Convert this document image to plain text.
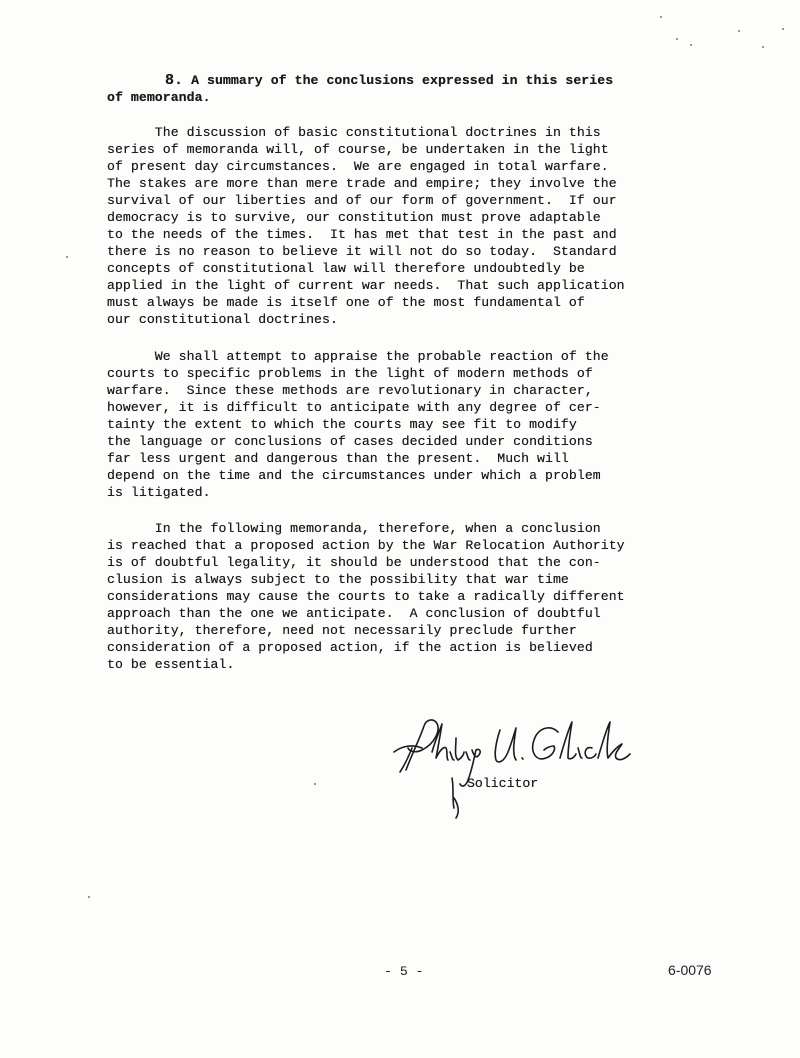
8. A summary of the conclusions expressed in this series
of memoranda.
The discussion of basic constitutional doctrines in this
series of memoranda will, of course, be undertaken in the light
of present day circumstances.  We are engaged in total warfare.
The stakes are more than mere trade and empire; they involve the
survival of our liberties and of our form of government.  If our
democracy is to survive, our constitution must prove adaptable
to the needs of the times.  It has met that test in the past and
there is no reason to believe it will not do so today.  Standard
concepts of constitutional law will therefore undoubtedly be
applied in the light of current war needs.  That such application
must always be made is itself one of the most fundamental of
our constitutional doctrines.
We shall attempt to appraise the probable reaction of the
courts to specific problems in the light of modern methods of
warfare.  Since these methods are revolutionary in character,
however, it is difficult to anticipate with any degree of cer-
tainty the extent to which the courts may see fit to modify
the language or conclusions of cases decided under conditions
far less urgent and dangerous than the present.  Much will
depend on the time and the circumstances under which a problem
is litigated.
In the following memoranda, therefore, when a conclusion
is reached that a proposed action by the War Relocation Authority
is of doubtful legality, it should be understood that the con-
clusion is always subject to the possibility that war time
considerations may cause the courts to take a radically different
approach than the one we anticipate.  A conclusion of doubtful
authority, therefore, need not necessarily preclude further
consideration of a proposed action, if the action is believed
to be essential.
Solicitor
- 5 -	6-0076
